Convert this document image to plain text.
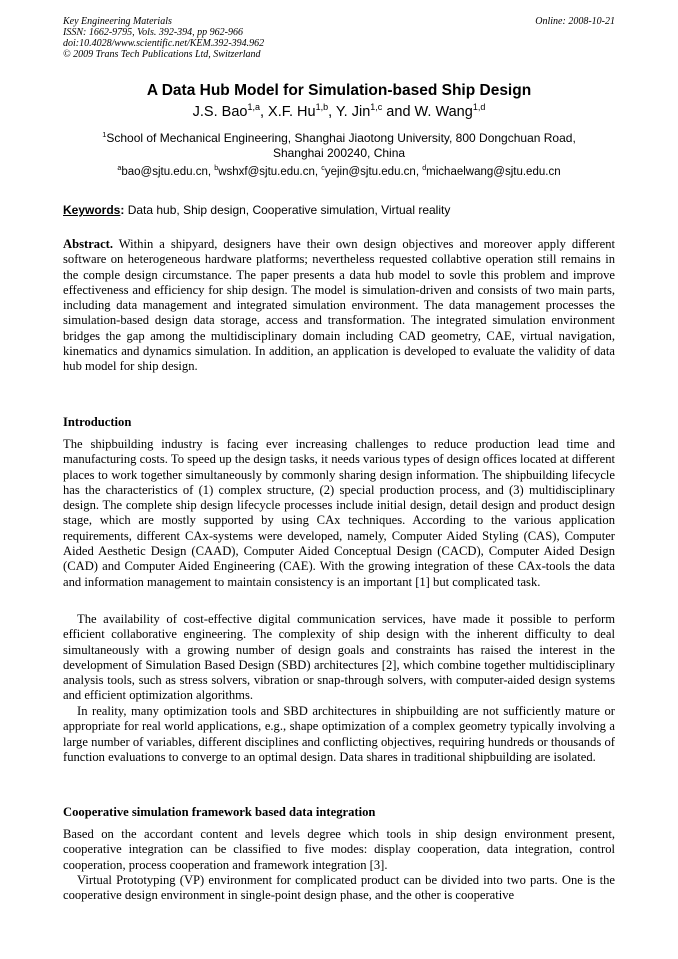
Key Engineering Materials
ISSN: 1662-9795, Vols. 392-394, pp 962-966
doi:10.4028/www.scientific.net/KEM.392-394.962
© 2009 Trans Tech Publications Ltd, Switzerland
Online: 2008-10-21
A Data Hub Model for Simulation-based Ship Design
J.S. Bao$^{1,a}$, X.F. Hu$^{1,b}$, Y. Jin$^{1,c}$ and W. Wang$^{1,d}$
$^1$School of Mechanical Engineering, Shanghai Jiaotong University, 800 Dongchuan Road,
Shanghai 200240, China
$^a$bao@sjtu.edu.cn, $^b$wshxf@sjtu.edu.cn, $^c$yejin@sjtu.edu.cn, $^d$michaelwang@sjtu.edu.cn
Keywords: Data hub, Ship design, Cooperative simulation, Virtual reality

Abstract. Within a shipyard, designers have their own design objectives and moreover apply different software on heterogeneous hardware platforms; nevertheless requested collabtive operation still remains in the comple design circumstance. The paper presents a data hub model to sovle this problem and improve effectiveness and efficiency for ship design. The model is simulation-driven and consists of two main parts, including data management and integrated simulation environment. The data management processes the simulation-based design data storage, access and transformation. The integrated simulation environment bridges the gap among the multidisciplinary domain including CAD geometry, CAE, virtual navigation, kinematics and dynamics simulation. In addition, an application is developed to evaluate the validity of data hub model for ship design.

Introduction

The shipbuilding industry is facing ever increasing challenges to reduce production lead time and manufacturing costs. To speed up the design tasks, it needs various types of design offices located at different places to work together simultaneously by commonly sharing design information. The shipbuilding lifecycle has the characteristics of (1) complex structure, (2) special production process, and (3) multidisciplinary design. The complete ship design lifecycle processes include initial design, detail design and product design stage, which are mostly supported by using CAx techniques. According to the various application requirements, different CAx-systems were developed, namely, Computer Aided Styling (CAS), Computer Aided Aesthetic Design (CAAD), Computer Aided Conceptual Design (CACD), Computer Aided Design (CAD) and Computer Aided Engineering (CAE). With the growing integration of these CAx-tools the data and information management to maintain consistency is an important [1] but complicated task.

The availability of cost-effective digital communication services, have made it possible to perform efficient collaborative engineering. The complexity of ship design with the inherent difficulty to deal simultaneously with a growing number of design goals and constraints has raised the interest in the development of Simulation Based Design (SBD) architectures [2], which combine together multidisciplinary analysis tools, such as stress solvers, vibration or snap-through solvers, with computer-aided design systems and efficient optimization algorithms.

In reality, many optimization tools and SBD architectures in shipbuilding are not sufficiently mature or appropriate for real world applications, e.g., shape optimization of a complex geometry typically involving a large number of variables, different disciplines and conflicting objectives, requiring hundreds or thousands of function evaluations to converge to an optimal design. Data shares in traditional shipbuilding are isolated.

Cooperative simulation framework based data integration

Based on the accordant content and levels degree which tools in ship design environment present, cooperative integration can be classified to five modes: display cooperation, data integration, control cooperation, process cooperation and framework integration [3].

Virtual Prototyping (VP) environment for complicated product can be divided into two parts. One is the cooperative design environment in single-point design phase, and the other is cooperative
